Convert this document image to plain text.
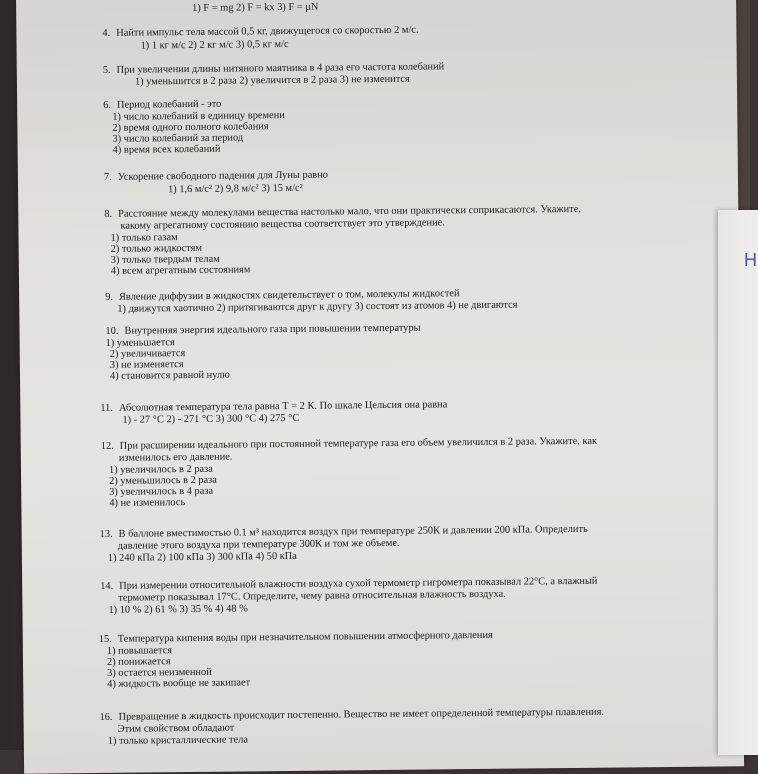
1) F = mg 2) F = kx 3) F = μN
4. Найти импульс тела массой 0,5 кг, движущегося со скоростью 2 м/с.
1) 1 кг м/с 2) 2 кг м/с 3) 0,5 кг м/с
5. При увеличении длины нитяного маятника в 4 раза его частота колебаний
1) уменьшится в 2 раза 2) увеличится в 2 раза 3) не изменится
6. Период колебаний - это
1) число колебаний в единицу времени
2) время одного полного колебания
3) число колебаний за период
4) время всех колебаний
7. Ускорение свободного падения для Луны равно
1) 1,6 м/с² 2) 9,8 м/с² 3) 15 м/с²
8. Расстояние между молекулами вещества настолько мало, что они практически соприкасаются. Укажите,
какому агрегатному состоянию вещества соответствует это утверждение.
1) только газам
2) только жидкостям
3) только твердым телам
4) всем агрегатным состояниям
9. Явление диффузии в жидкостях свидетельствует о том, молекулы жидкостей
1) движутся хаотично 2) притягиваются друг к другу 3) состоят из атомов 4) не двигаются
10. Внутренняя энергия идеального газа при повышении температуры
1) уменьшается
2) увеличивается
3) не изменяется
4) становится равной нулю
11. Абсолютная температура тела равна Т = 2 К. По шкале Цельсия она равна
1) - 27 °С 2) - 271 °С 3) 300 °С 4) 275 °С
12. При расширении идеального при постоянной температуре газа его объем увеличился в 2 раза. Укажите, как
изменилось его давление.
1) увеличилось в 2 раза
2) уменьшилось в 2 раза
3) увеличилось в 4 раза
4) не изменилось
13. В баллоне вместимостью 0.1 м³ находится воздух при температуре 250К и давлении 200 кПа. Определить
давление этого воздуха при температуре 300К и том же объеме.
1) 240 кПа 2) 100 кПа 3) 300 кПа 4) 50 кПа
14. При измерении относительной влажности воздуха сухой термометр гигрометра показывал 22°С, а влажный
термометр показывал 17°С. Определите, чему равна относительная влажность воздуха.
1) 10 % 2) 61 % 3) 35 % 4) 48 %
15. Температура кипения воды при незначительном повышении атмосферного давления
1) повышается
2) понижается
3) остается неизменной
4) жидкость вообще не закипает
16. Превращение в жидкость происходит постепенно. Вещество не имеет определенной температуры плавления.
Этим свойством обладают
1) только кристаллические тела
Н
